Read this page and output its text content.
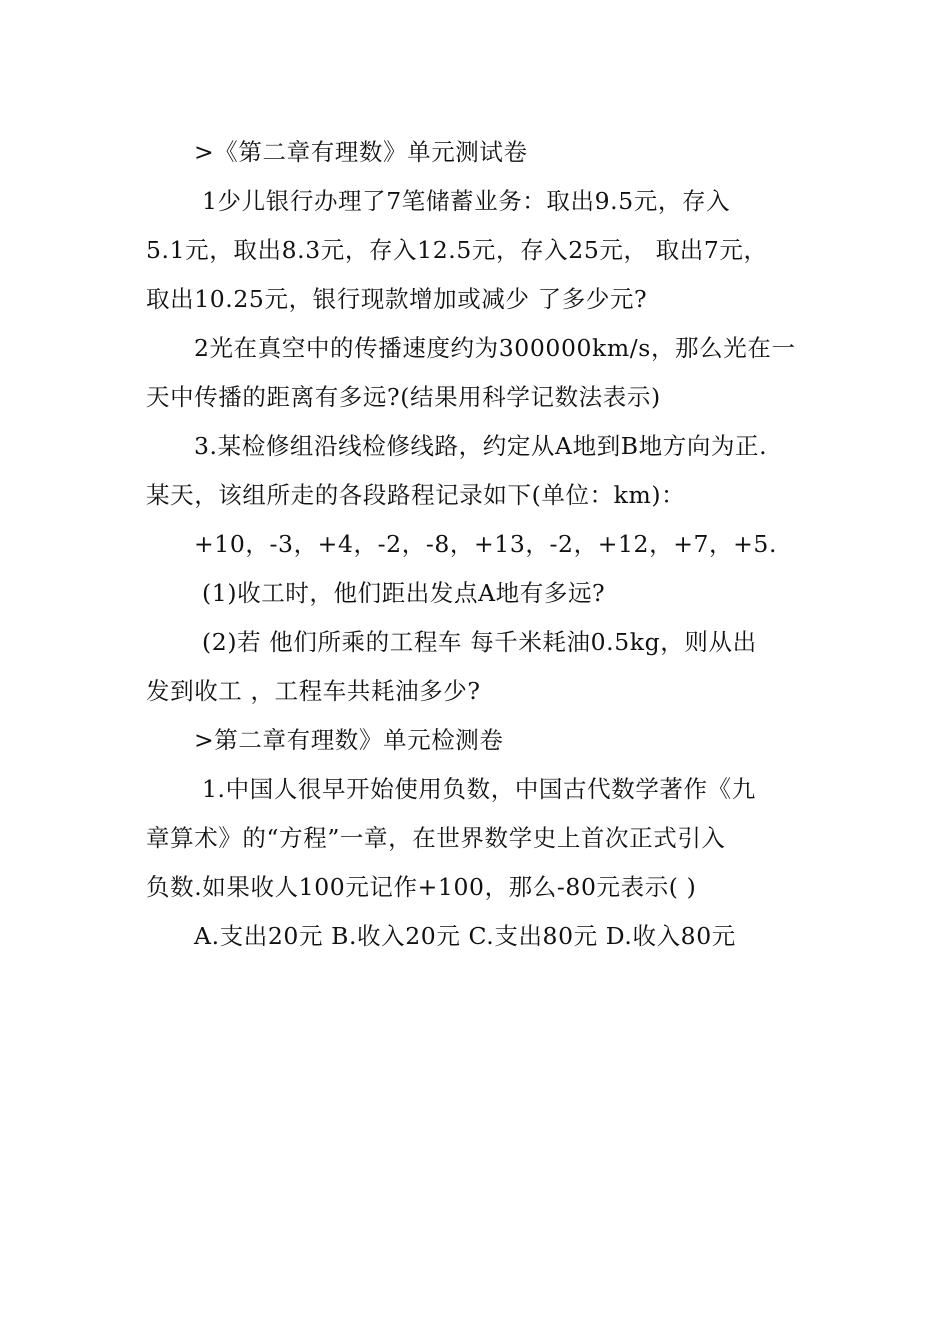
>《第二章有理数》单元测试卷
1少儿银行办理了7笔储蓄业务：取出9.5元，存入
5.1元，取出8.3元，存入12.5元，存入25元， 取出7元，
取出10.25元，银行现款增加或减少 了多少元?
2光在真空中的传播速度约为300000km/s，那么光在一
天中传播的距离有多远?(结果用科学记数法表示)
3.某检修组沿线检修线路，约定从A地到B地方向为正.
某天，该组所走的各段路程记录如下(单位：km)：
+10，-3，+4，-2，-8，+13，-2，+12，+7，+5.
(1)收工时，他们距出发点A地有多远?
(2)若 他们所乘的工程车 每千米耗油0.5kg，则从出
发到收工 ，工程车共耗油多少?
>第二章有理数》单元检测卷
1.中国人很早开始使用负数，中国古代数学著作《九
章算术》的“方程”一章，在世界数学史上首次正式引入
负数.如果收人100元记作+100，那么-80元表示( )
A.支出20元 B.收入20元 C.支出80元 D.收入80元
